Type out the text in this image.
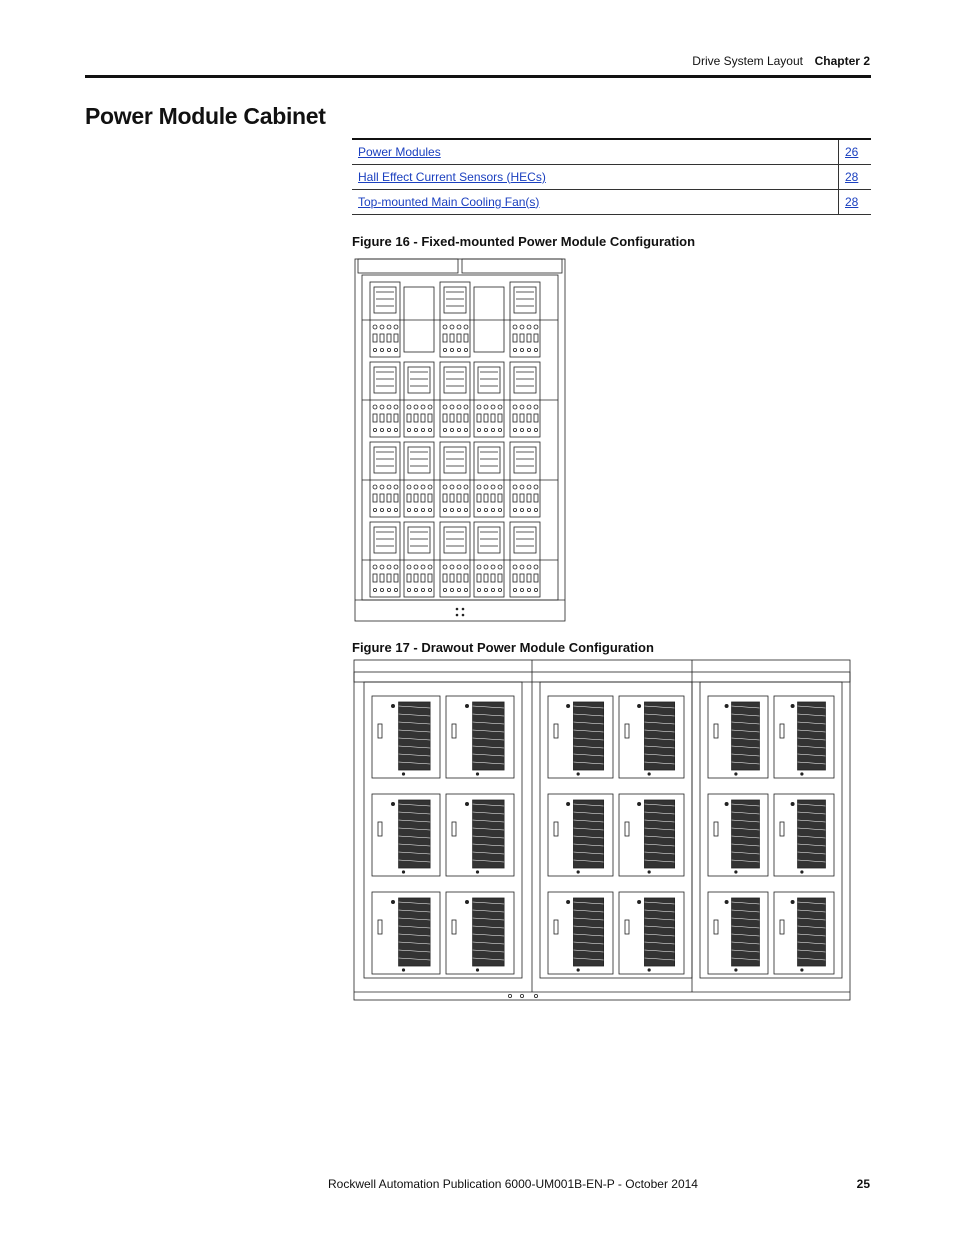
Drive System Layout Chapter 2
Power Module Cabinet
Power Modules	26
Hall Effect Current Sensors (HECs)	28
Top-mounted Main Cooling Fan(s)	28
Figure 16 - Fixed-mounted Power Module Configuration
Figure 17 - Drawout Power Module Configuration
Rockwell Automation Publication 6000-UM001B-EN-P - October 2014	25
